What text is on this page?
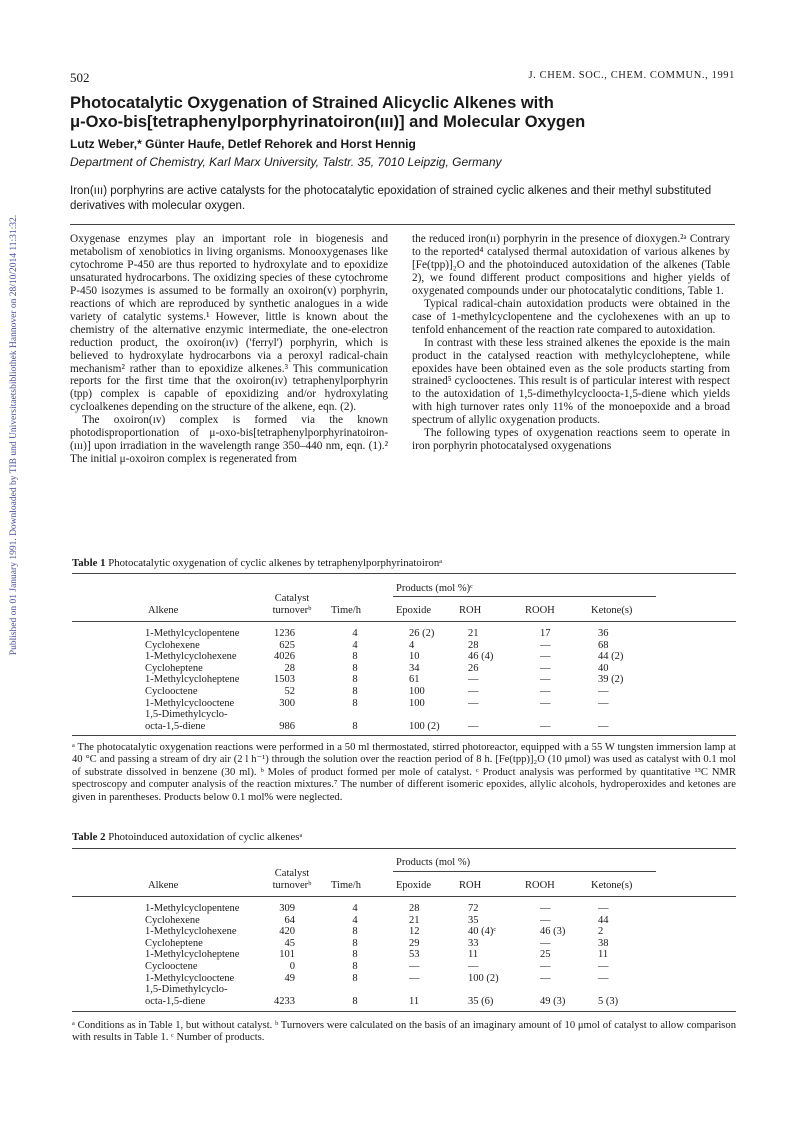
Published on 01 January 1991. Downloaded by TIB und Universitaetsbibliothek Hannover on 28/10/2014 11:31:32.
502	J. CHEM. SOC., CHEM. COMMUN., 1991
Photocatalytic Oxygenation of Strained Alicyclic Alkenes with
μ-Oxo-bis[tetraphenylporphyrinatoiron(ııı)] and Molecular Oxygen
Lutz Weber,* Günter Haufe, Detlef Rehorek and Horst Hennig
Department of Chemistry, Karl Marx University, Talstr. 35, 7010 Leipzig, Germany
Iron(ııı) porphyrins are active catalysts for the photocatalytic epoxidation of strained cyclic alkenes and their methyl substituted derivatives with molecular oxygen.

Oxygenase enzymes play an important role in biogenesis and metabolism of xenobiotics in living organisms. Monooxygenases like cytochrome P-450 are thus reported to hydroxylate and to epoxidize unsaturated hydrocarbons. The oxidizing species of these cytochrome P-450 isozymes is assumed to be formally an oxoiron(v) porphyrin, reactions of which are reproduced by synthetic analogues in a wide variety of catalytic systems.¹ However, little is known about the chemistry of the alternative enzymic intermediate, the one-electron reduction product, the oxoiron(ıv) ('ferryl') porphyrin, which is believed to hydroxylate hydrocarbons via a peroxyl radical-chain mechanism² rather than to epoxidize alkenes.³ This communication reports for the first time that the oxoiron(ıv) tetraphenylporphyrin (tpp) complex is capable of epoxidizing and/or hydroxylating cycloalkenes depending on the structure of the alkene, eqn. (2).

The oxoiron(ıv) complex is formed via the known photodisproportionation of μ-oxo-bis[tetraphenylporphyrinatoiron-(ııı)] upon irradiation in the wavelength range 350–440 nm, eqn. (1).² The initial μ-oxoiron complex is regenerated from

the reduced iron(ıı) porphyrin in the presence of dioxygen.²ᵃ Contrary to the reported⁴ catalysed thermal autoxidation of various alkenes by [Fe(tpp)]₂O and the photoinduced autoxidation of the alkenes (Table 2), we found different product compositions and higher yields of oxygenated compounds under our photocatalytic conditions, Table 1.

Typical radical-chain autoxidation products were obtained in the case of 1-methylcyclopentene and the cyclohexenes with an up to tenfold enhancement of the reaction rate compared to autoxidation.

In contrast with these less strained alkenes the epoxide is the main product in the catalysed reaction with methylcycloheptene, while epoxides have been obtained even as the sole products starting from strained⁵ cyclooctenes. This result is of particular interest with respect to the autoxidation of 1,5-dimethylcycloocta-1,5-diene which yields with high turnover rates only 11% of the monoepoxide and a broad spectrum of allylic oxygenation products.

The following types of oxygenation reactions seem to operate in iron porphyrin photocatalysed oxygenations

Table 1 Photocatalytic oxygenation of cyclic alkenes by tetraphenylporphyrinatoironᵃ
Products (mol %)ᶜ
Catalyst
turnoverᵇ
Alkene	Time/h	Epoxide	ROH	ROOH	Ketone(s)
1-Methylcyclopentene	1236	4	26 (2)	21	17	36
Cyclohexene	625	4	4	28	—	68
1-Methylcyclohexene	4026	8	10	46 (4)	—	44 (2)
Cycloheptene	28	8	34	26	—	40
1-Methylcycloheptene	1503	8	61	—	—	39 (2)
Cyclooctene	52	8	100	—	—	—
1-Methylcyclooctene	300	8	100	—	—	—
1,5-Dimethylcyclo-						
octa-1,5-diene	986	8	100 (2)	—	—	—
ᵃ The photocatalytic oxygenation reactions were performed in a 50 ml thermostated, stirred photoreactor, equipped with a 55 W tungsten immersion lamp at 40 °C and passing a stream of dry air (2 l h⁻¹) through the solution over the reaction period of 8 h. [Fe(tpp)]₂O (10 μmol) was used as catalyst with 0.1 mol of substrate dissolved in benzene (30 ml). ᵇ Moles of product formed per mole of catalyst. ᶜ Product analysis was performed by quantitative ¹³C NMR spectroscopy and computer analysis of the reaction mixtures.⁷ The number of different isomeric epoxides, allylic alcohols, hydroperoxides and ketones are given in parentheses. Products below 0.1 mol% were neglected.
Table 2 Photoinduced autoxidation of cyclic alkenesᵃ
Products (mol %)
Catalyst
turnoverᵇ
Alkene	Time/h	Epoxide	ROH	ROOH	Ketone(s)
1-Methylcyclopentene	309	4	28	72	—	—
Cyclohexene	64	4	21	35	—	44
1-Methylcyclohexene	420	8	12	40 (4)ᶜ	46 (3)	2
Cycloheptene	45	8	29	33	—	38
1-Methylcycloheptene	101	8	53	11	25	11
Cyclooctene	0	8	—	—	—	—
1-Methylcyclooctene	49	8	—	100 (2)	—	—
1,5-Dimethylcyclo-						
octa-1,5-diene	4233	8	11	35 (6)	49 (3)	5 (3)
ᵃ Conditions as in Table 1, but without catalyst. ᵇ Turnovers were calculated on the basis of an imaginary amount of 10 μmol of catalyst to allow comparison with results in Table 1. ᶜ Number of products.
